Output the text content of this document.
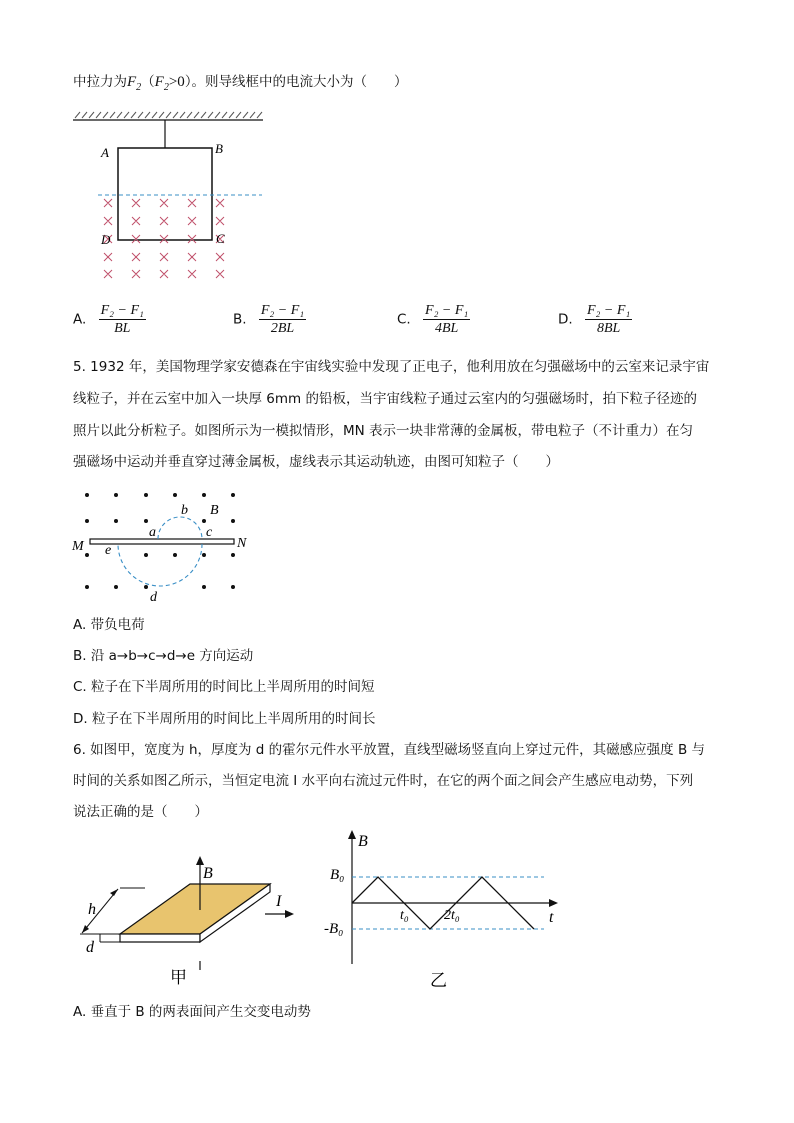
中拉力为$F_2(F_2>0)$。则导线框中的电流大小为（　　）
A	B
C
D
A. $\frac{\text{F₂ − F₁}}{BL}$	B. $\frac{\text{F₂ − F₁}}{2BL}$	C. $\frac{\text{F₂ − F₁}}{4BL}$	D. $\frac{\text{F₂ − F₁}}{8BL}$
5. 1932 年，美国物理学家安德森在宇宙线实验中发现了正电子，他利用放在匀强磁场中的云室来记录宇宙
线粒子，并在云室中加入一块厚 6mm 的铅板，当宇宙线粒子通过云室内的匀强磁场时，拍下粒子径迹的
照片以此分析粒子。如图所示为一模拟情形，MN 表示一块非常薄的金属板，带电粒子（不计重力）在匀
强磁场中运动并垂直穿过薄金属板，虚线表示其运动轨迹，由图可知粒子（　　）
M	N
a
b B
c
d
e
A. 带负电荷
B. 沿 a→b→c→d→e 方向运动
C. 粒子在下半周所用的时间比上半周所用的时间短
D. 粒子在下半周所用的时间比上半周所用的时间长
6. 如图甲，宽度为 h，厚度为 d 的霍尔元件水平放置，直线型磁场竖直向上穿过元件，其磁感应强度 B 与
时间的关系如图乙所示，当恒定电流 I 水平向右流过元件时，在它的两个面之间会产生感应电动势，下列
说法正确的是（　　）
B
I
h
d
甲
B
t
B₀
-B₀
t₀	2t₀
乙
A. 垂直于 B 的两表面间产生交变电动势
